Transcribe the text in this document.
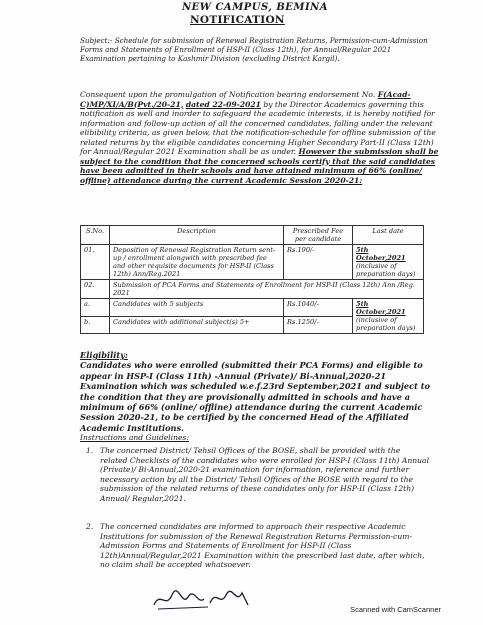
NEW CAMPUS, BEMINA
NOTIFICATION
Subject:- Schedule for submission of Renewal Registration Returns, Permission-cum-Admission Forms and Statements of Enrollment of HSP-II (Class 12th), for Annual/Regular 2021 Examination pertaining to Kashmir Division (excluding District Kargil).
Consequent upon the promulgation of Notification bearing endorsement No. F(Acad-C)MP/XI/A/B(Pvt./20-21, dated 22-09-2021 by the Director Academics governing this notification as well and inorder to safeguard the academic interests, it is hereby notified for information and follow-up action of all the concerned candidates, falling under the relevant elibibility criteria, as given below, that the notification-schedule for offline submission of the related returns by the eligible candidates concerning Higher Secondary Part-II (Class 12th) for Annual/Regular 2021 Examination shall be as under. However the submission shall be subject to the condition that the concerned schools certify that the said candidates have been admitted in their schools and have attained minimum of 66% (online/ offline) attendance during the current Academic Session 2020-21:
S.No.	Description	Prescribed Fee per candidate	Last date
01.	Deposition of Renewal Registration Return sent-up / enrollment alongwith with prescribed fee and other requisite documents for HSP-II (Class 12th) Ann/Reg.2021	Rs.190/-	5th October,2021
(inclusive of preparation days)

02.	Submission of PCA Forms and Statements of Enrollment for HSP-II (Class 12th) Ann /Reg. 2021		
a.	Candidates with 5 subjects	Rs.1040/-	5th October,2021
(inclusive of preparation days)

b.	Candidates with additional subject(s) 5+	Rs.1250/-	
Eligibility:
Candidates who were enrolled (submitted their PCA Forms) and eligible to appear in HSP-I (Class 11th) -Annual (Private)/ Bi-Annual,2020-21 Examination which was scheduled w.e.f.23rd September,2021 and subject to the condition that they are provisionally admitted in schools and have a minimum of 66% (online/ offline) attendance during the current Academic Session 2020-21, to be certified by the concerned Head of the Affiliated Academic Institutions.
Instructions and Guidelines:
1. The concerned District/ Tehsil Offices of the BOSE, shall be provided with the related Checklists of the candidates who were enrolled for HSP-I (Class 11th) Annual (Private)/ Bi-Annual,2020-21 examination for information, reference and further necessary action by all the District/ Tehsil Offices of the BOSE with regard to the submission of the related returns of these candidates only for HSP-II (Class 12th) Annual/ Regular,2021.
2. The concerned candidates are informed to approach their respective Academic Institutions for submission of the Renewal Registration Returns Permission-cum-Admission Forms and Statements of Enrollment for HSP-II (Class 12th)Annual/Regular,2021 Examination within the prescribed last date, after which, no claim shall be accepted whatsoever.
Scanned with CamScanner
